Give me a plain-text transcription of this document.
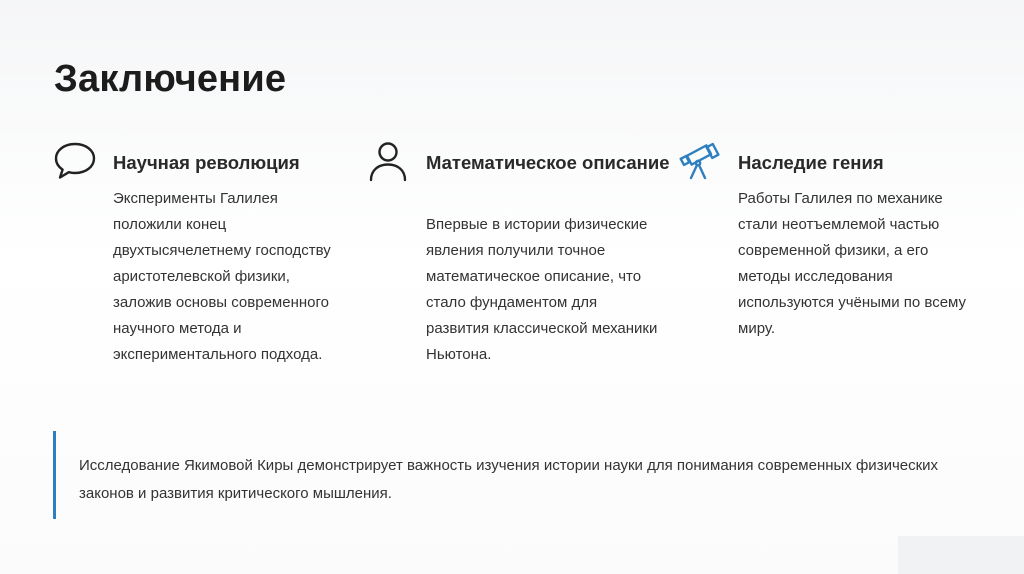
Заключение
Научная революция

Эксперименты Галилея положили конец двухтысячелетнему господству аристотелевской физики, заложив основы современного научного метода и экспериментального подхода.

Математическое описание

Впервые в истории физические явления получили точное математическое описание, что стало фундаментом для развития классической механики Ньютона.

Наследие гения

Работы Галилея по механике стали неотъемлемой частью современной физики, а его методы исследования используются учёными по всему миру.

Исследование Якимовой Киры демонстрирует важность изучения истории науки для понимания современных физических законов и развития критического мышления.
